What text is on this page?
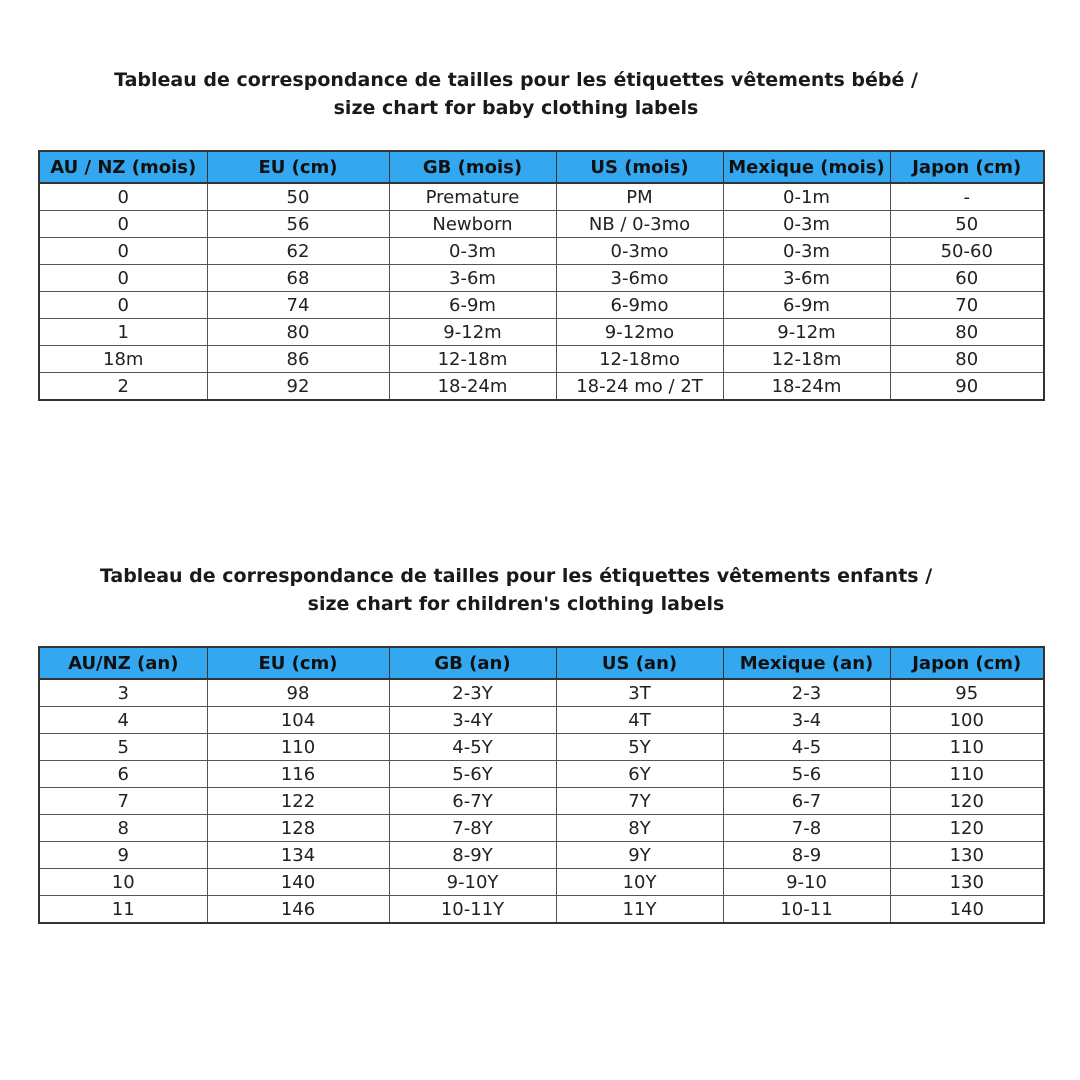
Tableau de correspondance de tailles pour les étiquettes vêtements bébé /
size chart for baby clothing labels
AU / NZ (mois)	EU (cm)	GB (mois)	US (mois)	Mexique (mois)	Japon (cm)
0	50	Premature	PM	0-1m	-
0	56	Newborn	NB / 0-3mo	0-3m	50
0	62	0-3m	0-3mo	0-3m	50-60
0	68	3-6m	3-6mo	3-6m	60
0	74	6-9m	6-9mo	6-9m	70
1	80	9-12m	9-12mo	9-12m	80
18m	86	12-18m	12-18mo	12-18m	80
2	92	18-24m	18-24 mo / 2T	18-24m	90
Tableau de correspondance de tailles pour les étiquettes vêtements enfants /
size chart for children's clothing labels
AU/NZ (an)	EU (cm)	GB (an)	US (an)	Mexique (an)	Japon (cm)
3	98	2-3Y	3T	2-3	95
4	104	3-4Y	4T	3-4	100
5	110	4-5Y	5Y	4-5	110
6	116	5-6Y	6Y	5-6	110
7	122	6-7Y	7Y	6-7	120
8	128	7-8Y	8Y	7-8	120
9	134	8-9Y	9Y	8-9	130
10	140	9-10Y	10Y	9-10	130
11	146	10-11Y	11Y	10-11	140
